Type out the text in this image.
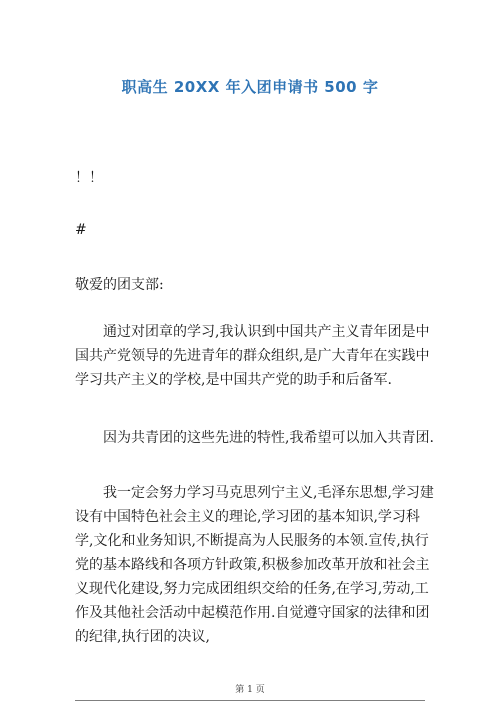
职高生 20XX 年入团申请书 500 字
！！
#
敬爱的团支部:

通过对团章的学习,我认识到中国共产主义青年团是中国共产党领导的先进青年的群众组织,是广大青年在实践中学习共产主义的学校,是中国共产党的助手和后备军.

因为共青团的这些先进的特性,我希望可以加入共青团.

我一定会努力学习马克思列宁主义,毛泽东思想,学习建设有中国特色社会主义的理论,学习团的基本知识,学习科学,文化和业务知识,不断提高为人民服务的本领.宣传,执行党的基本路线和各项方针政策,积极参加改革开放和社会主义现代化建设,努力完成团组织交给的任务,在学习,劳动,工作及其他社会活动中起模范作用.自觉遵守国家的法律和团的纪律,执行团的决议,

第 1 页
